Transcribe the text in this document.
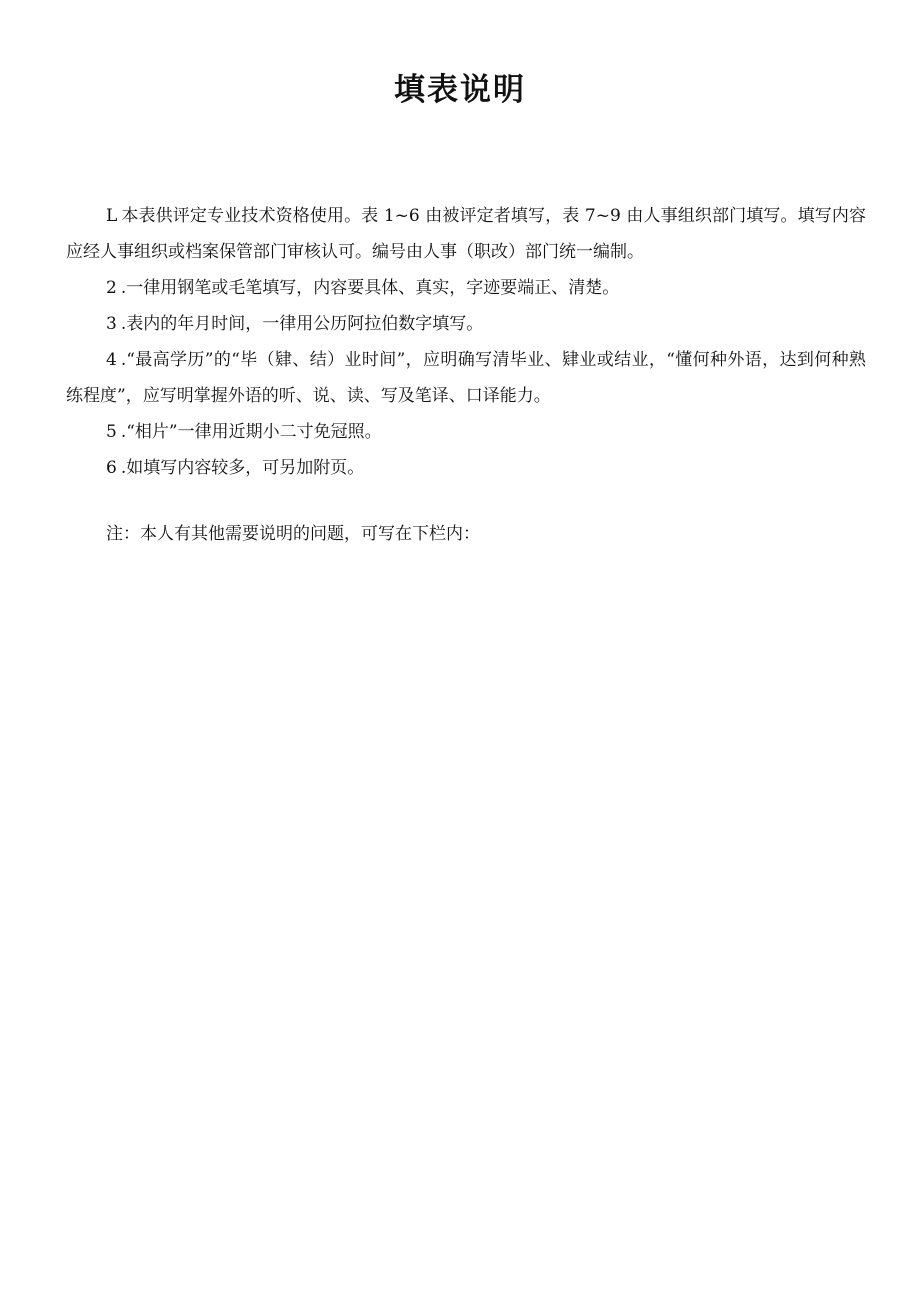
填表说明

L 本表供评定专业技术资格使用。表 1~6 由被评定者填写，表 7~9 由人事组织部门填写。填写内容应经人事组织或档案保管部门审核认可。编号由人事（职改）部门统一编制。

2 .一律用钢笔或毛笔填写，内容要具体、真实，字迹要端正、清楚。

3 .表内的年月时间，一律用公历阿拉伯数字填写。

4 .“最高学历”的“毕（肄、结）业时间”，应明确写清毕业、肄业或结业，“懂何种外语，达到何种熟练程度”，应写明掌握外语的听、说、读、写及笔译、口译能力。

5 .“相片”一律用近期小二寸免冠照。

6 .如填写内容较多，可另加附页。

注：本人有其他需要说明的问题，可写在下栏内：
